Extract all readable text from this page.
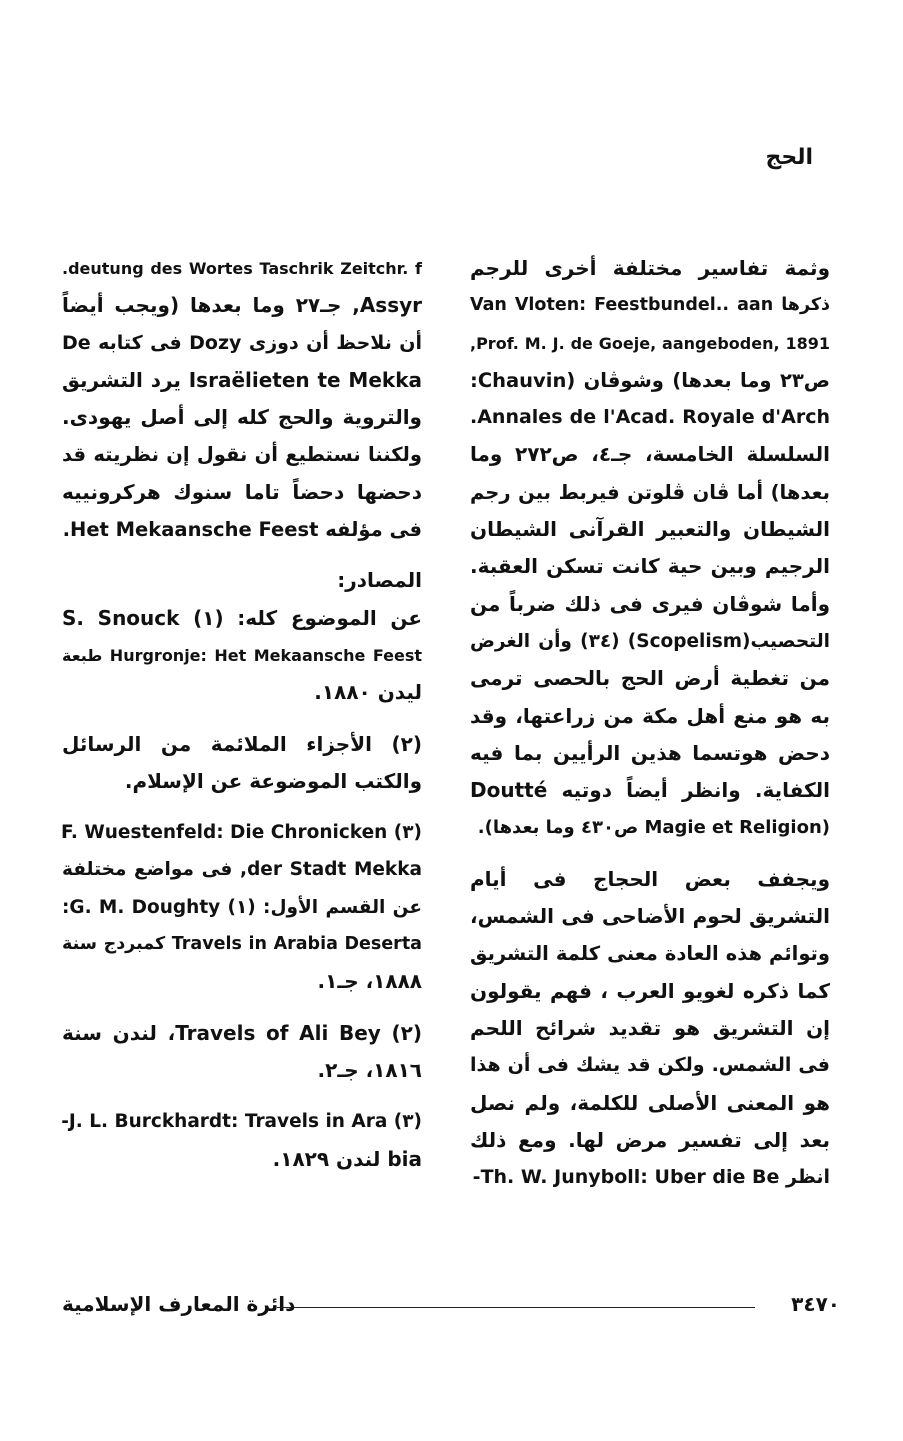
الحج
وثمة تفاسير مختلفة أخرى للرجم
ذكرها Van Vloten: Feestbundel.. aan
Prof. M. J. de Goeje, aangeboden, 1891,
ص٢٣ وما بعدها) وشوڤان (Chauvin:
Annales de l'Acad. Royale d'Arch.
السلسلة الخامسة، جـ٤، ص٢٧٢ وما
بعدها) أما ڤان ڤلوتن فيربط بين رجم
الشيطان والتعبير القرآنى الشيطان
الرجيم وبين حية كانت تسكن العقبة.
وأما شوڤان فيرى فى ذلك ضرباً من
التحصيب(Scopelism) (٣٤) وأن الغرض
من تغطية أرض الحج بالحصى ترمى
به هو منع أهل مكة من زراعتها، وقد
دحض هوتسما هذين الرأيين بما فيه
الكفاية. وانظر أيضاً دوتيه Doutté
(Magie et Religion ص٤٣٠ وما بعدها).
ويجفف بعض الحجاج فى أيام
التشريق لحوم الأضاحى فى الشمس،
وتوائم هذه العادة معنى كلمة التشريق
كما ذكره لغويو العرب ، فهم يقولون
إن التشريق هو تقديد شرائح اللحم
فى الشمس. ولكن قد يشك فى أن هذا
هو المعنى الأصلى للكلمة، ولم نصل
بعد إلى تفسير مرض لها. ومع ذلك
انظر Th. W. Junyboll: Uber die Be-
deutung des Wortes Taschrik Zeitchr. f.
Assyr, جـ٢٧ وما بعدها (ويجب أيضاً
أن نلاحظ أن دوزى Dozy فى كتابه De
Israëlieten te Mekka يرد التشريق
والتروية والحج كله إلى أصل يهودى.
ولكننا نستطيع أن نقول إن نظريته قد
دحضها دحضاً تاما سنوك هركرونييه
فى مؤلفه Het Mekaansche Feest.
المصادر:
عن الموضوع كله: (١) S. Snouck
Hurgronje: Het Mekaansche Feest طبعة
ليدن ١٨٨٠.
(٢) الأجزاء الملائمة من الرسائل
والكتب الموضوعة عن الإسلام.
(٣) F. Wuestenfeld: Die Chronicken
der Stadt Mekka, فى مواضع مختلفة
عن القسم الأول: (١) G. M. Doughty:
Travels in Arabia Deserta كمبردج سنة
١٨٨٨، جـ١.
(٢) Travels of Ali Bey، لندن سنة
١٨١٦، جـ٢.
(٣) J. L. Burckhardt: Travels in Ara-
bia لندن ١٨٢٩.
دائرة المعارف الإسلامية	٣٤٧٠
